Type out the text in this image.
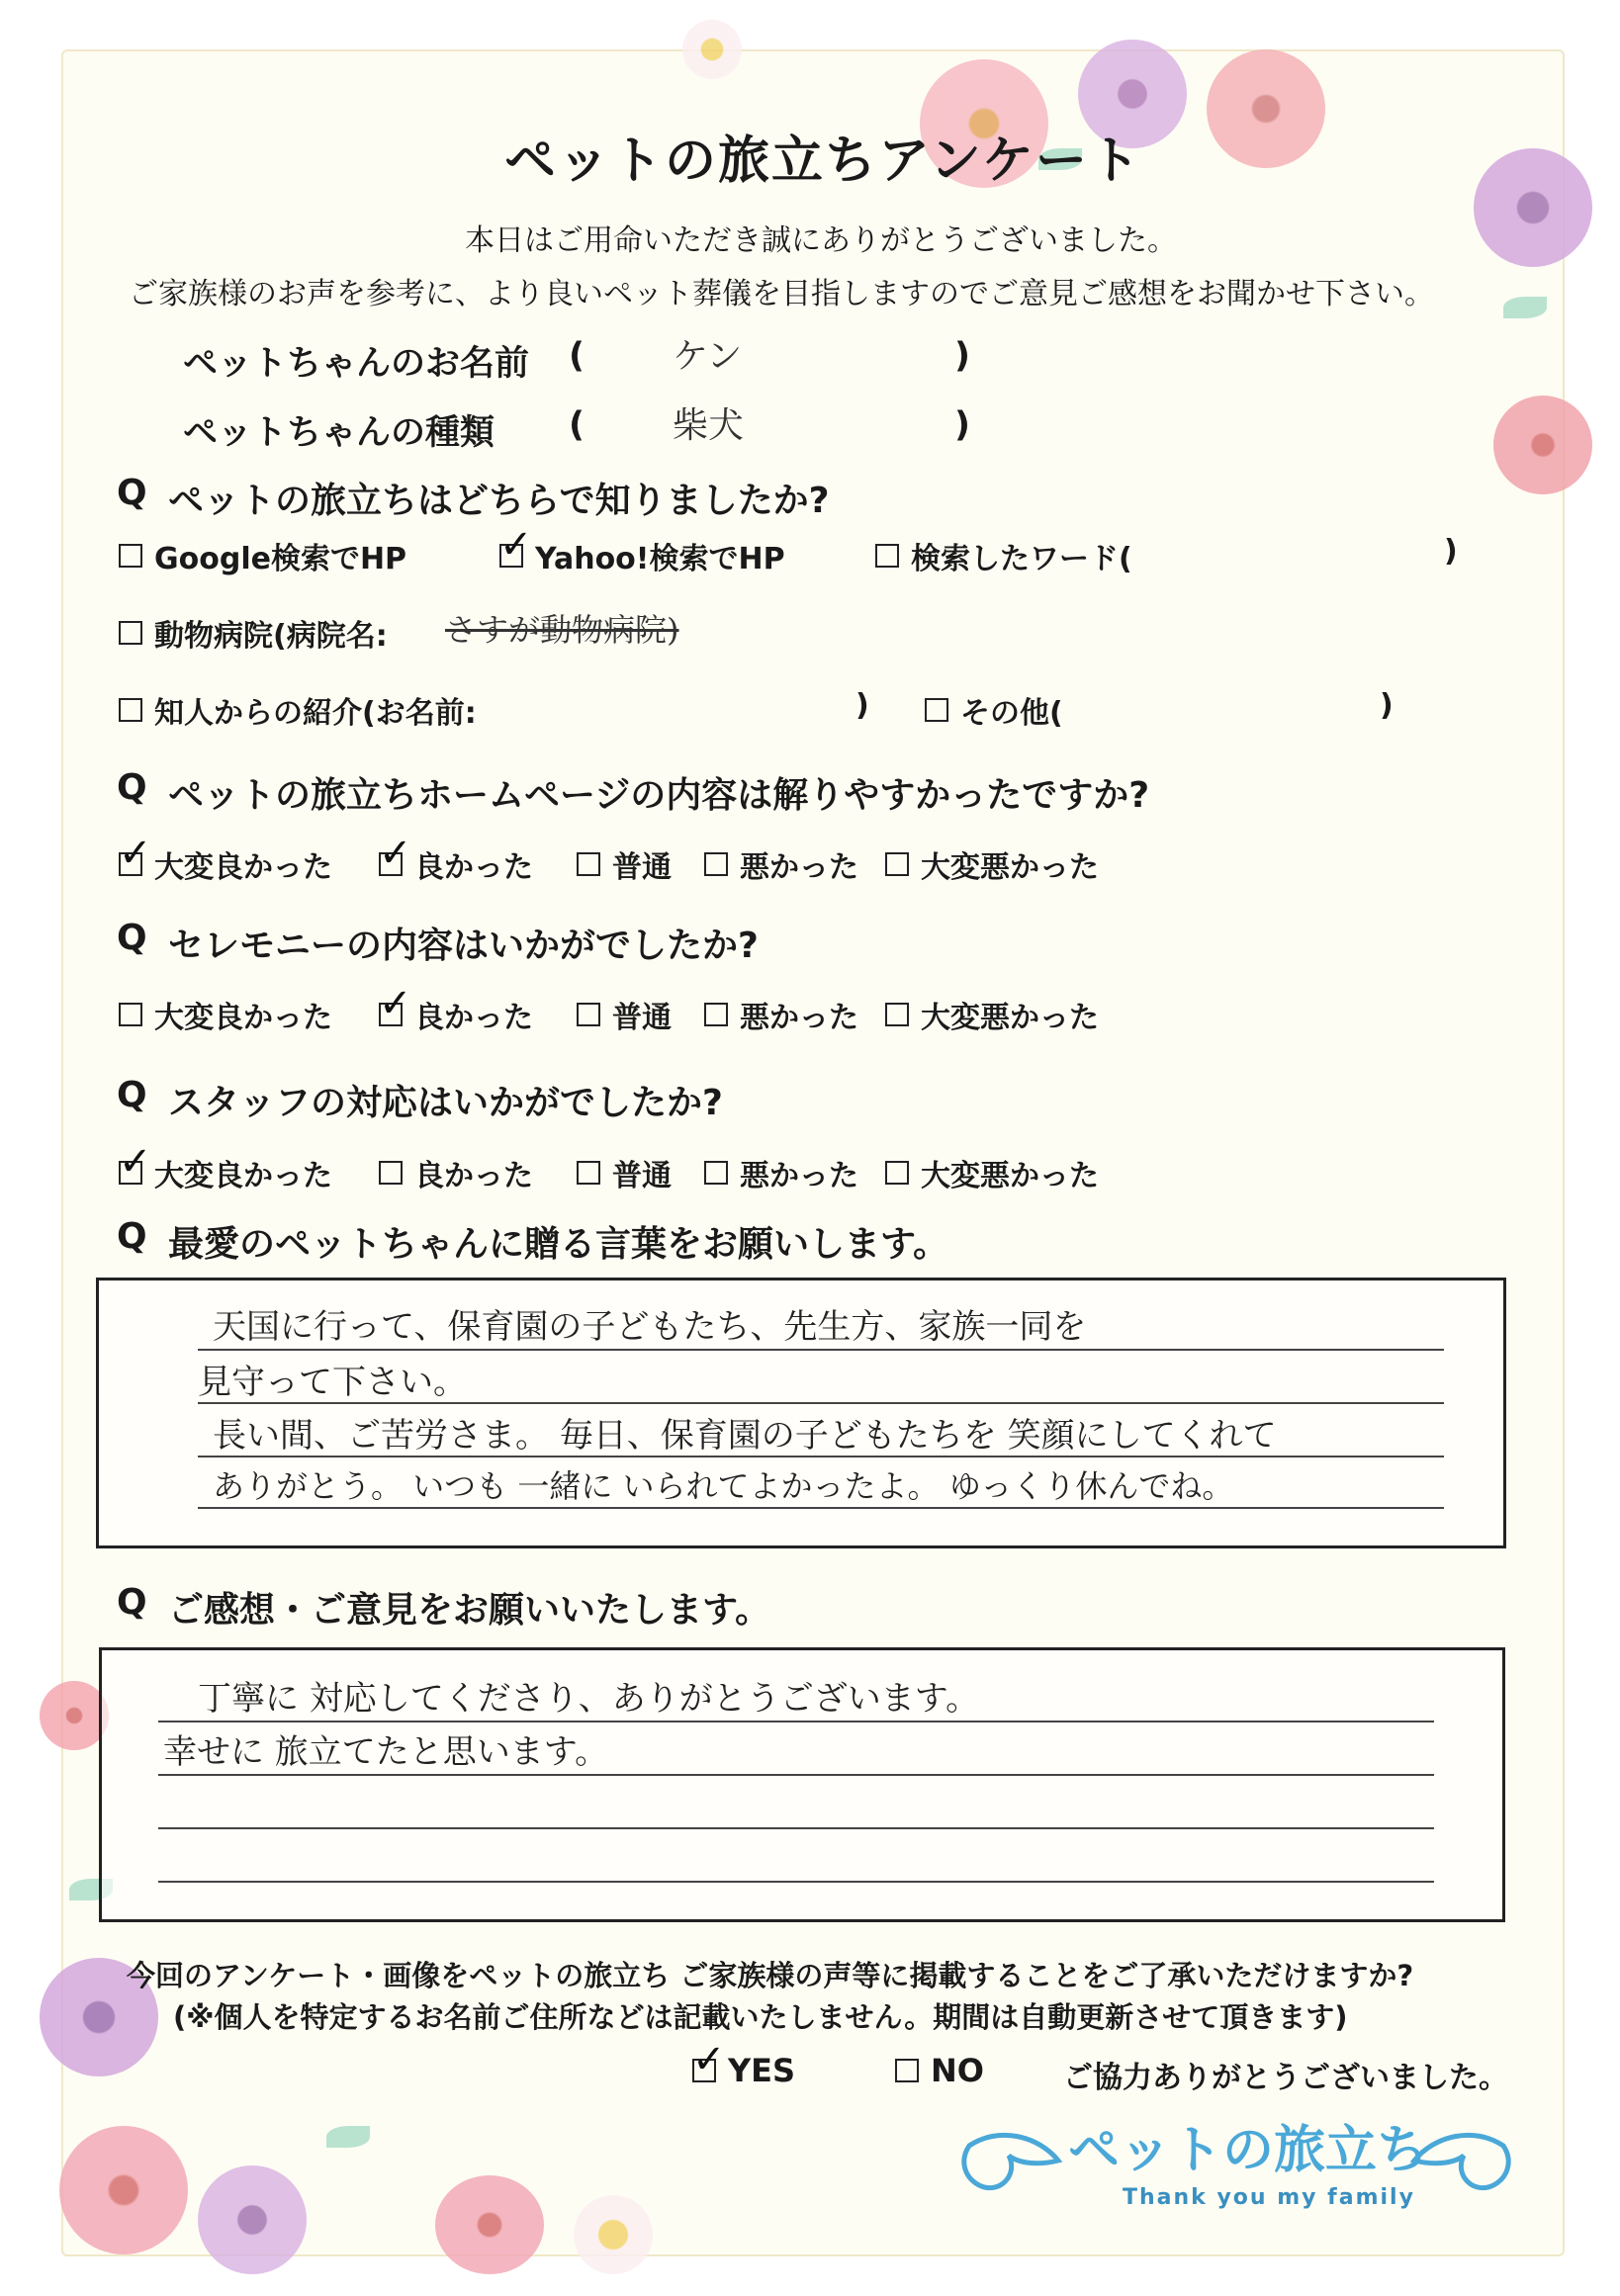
ペットの旅立ちアンケート
本日はご用命いただき誠にありがとうございました。
ご家族様のお声を参考に、より良いペット葬儀を目指しますのでご意見ご感想をお聞かせ下さい。
ペットちゃんのお名前 ( ケン	)
ペットちゃんの種類 ( 柴犬	)
Q ペットの旅立ちはどちらで知りましたか?
Google検索でHP ✓	Yahoo!検索でHP	検索したワード(	)
動物病院(病院名: さすが動物病院)
知人からの紹介(お名前:	)	その他(	)
Q ペットの旅立ちホームページの内容は解りやすかったですか?
✓
大変良かった ✓	良かった	普通 悪かった 大変悪かった
Q セレモニーの内容はいかがでしたか?
大変良かった ✓	良かった	普通 悪かった 大変悪かった
Q スタッフの対応はいかがでしたか?
✓
大変良かった	良かった	普通 悪かった 大変悪かった
Q 最愛のペットちゃんに贈る言葉をお願いします。
天国に行って、保育園の子どもたち、先生方、家族一同を
見守って下さい。
長い間、ご苦労さま。 毎日、保育園の子どもたちを 笑顔にしてくれて
ありがとう。 いつも 一緒に いられてよかったよ。 ゆっくり休んでね。
Q ご感想・ご意見をお願いいたします。
丁寧に 対応してくださり、ありがとうございます。
幸せに 旅立てたと思います。
今回のアンケート・画像をペットの旅立ち ご家族様の声等に掲載することをご了承いただけますか?
(※個人を特定するお名前ご住所などは記載いたしません。期間は自動更新させて頂きます)
✓
YES	NO	ご協力ありがとうございました。
ペットの旅立ち
Thank you my family
